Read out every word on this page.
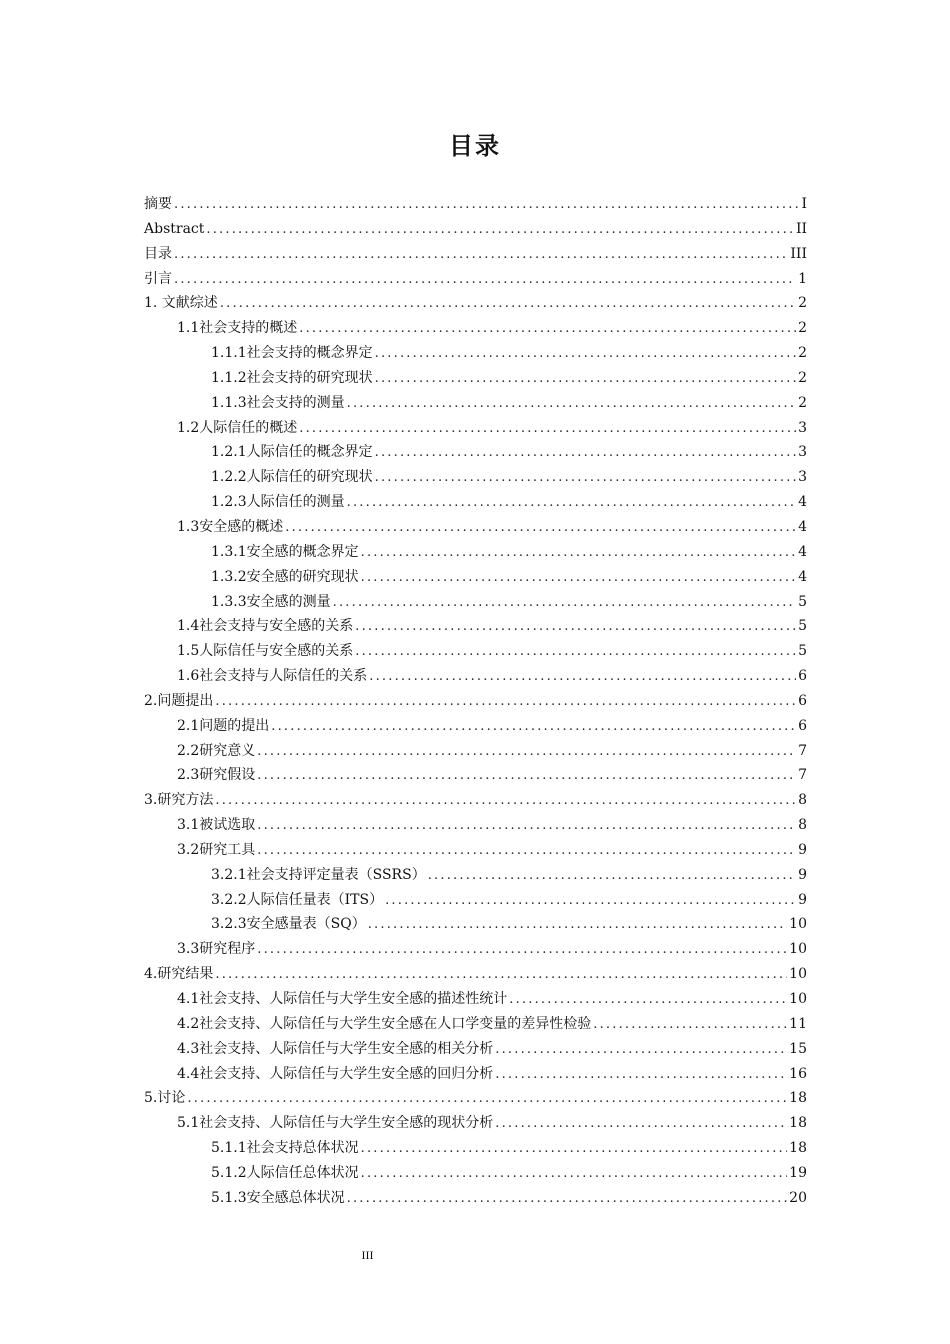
目录
摘要 .....	I
Abstract .....	II
目录 .....	III
引言 .....	1
1. 文献综述 .....	2
1.1社会支持的概述 .....	2
1.1.1社会支持的概念界定 .....	2
1.1.2社会支持的研究现状 .....	2
1.1.3社会支持的测量 .....	2
1.2人际信任的概述 .....	3
1.2.1人际信任的概念界定 .....	3
1.2.2人际信任的研究现状 .....	3
1.2.3人际信任的测量 .....	4
1.3安全感的概述 .....	4
1.3.1安全感的概念界定 .....	4
1.3.2安全感的研究现状 .....	4
1.3.3安全感的测量 .....	5
1.4社会支持与安全感的关系 .....	5
1.5人际信任与安全感的关系 .....	5
1.6社会支持与人际信任的关系 .....	6
2.问题提出 .....	6
2.1问题的提出 .....	6
2.2研究意义 .....	7
2.3研究假设 .....	7
3.研究方法 .....	8
3.1被试选取 .....	8
3.2研究工具 .....	9
3.2.1社会支持评定量表（SSRS） .....	9
3.2.2人际信任量表（ITS） .....	9
3.2.3安全感量表（SQ） .....	10
3.3研究程序 .....	10
4.研究结果 .....	10
4.1社会支持、人际信任与大学生安全感的描述性统计 .....	10
4.2社会支持、人际信任与大学生安全感在人口学变量的差异性检验 .....	11
4.3社会支持、人际信任与大学生安全感的相关分析 .....	15
4.4社会支持、人际信任与大学生安全感的回归分析 .....	16
5.讨论 .....	18
5.1社会支持、人际信任与大学生安全感的现状分析 .....	18
5.1.1社会支持总体状况 .....	18
5.1.2人际信任总体状况 .....	19
5.1.3安全感总体状况 .....	20
III
